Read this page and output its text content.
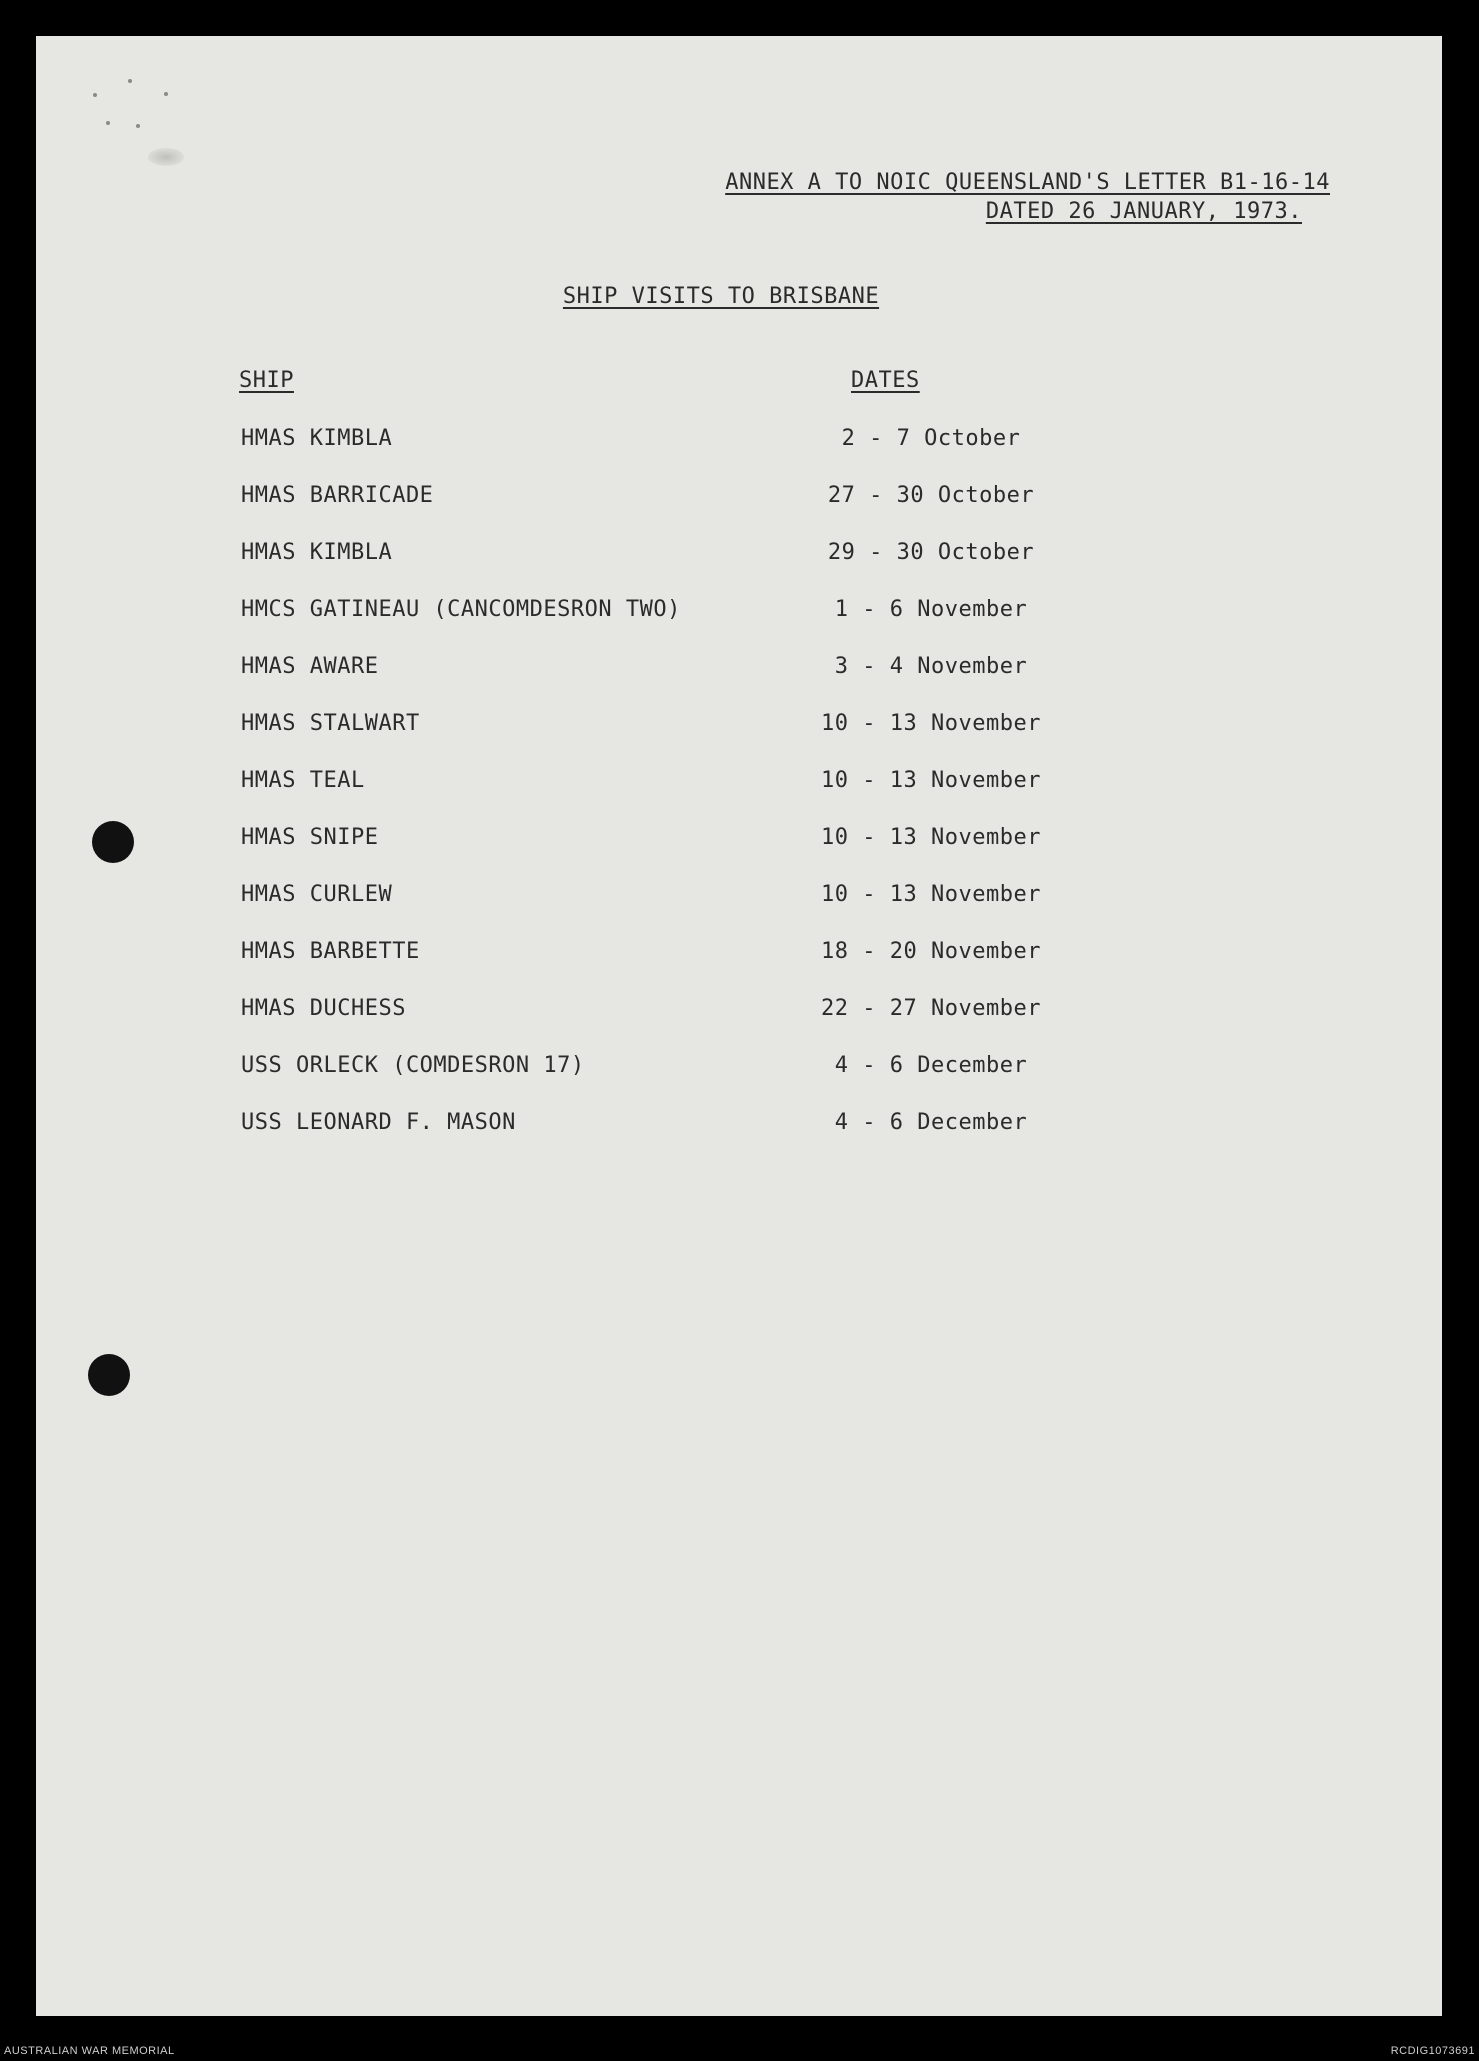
ANNEX A TO NOIC QUEENSLAND'S LETTER B1-16-14
DATED 26 JANUARY, 1973.
SHIP VISITS TO BRISBANE
SHIP	DATES
HMAS KIMBLA	2 - 7 October
HMAS BARRICADE	27 - 30 October
HMAS KIMBLA	29 - 30 October
HMCS GATINEAU (CANCOMDESRON TWO)	1 - 6 November
HMAS AWARE	3 - 4 November
HMAS STALWART	10 - 13 November
HMAS TEAL	10 - 13 November
HMAS SNIPE	10 - 13 November
HMAS CURLEW	10 - 13 November
HMAS BARBETTE	18 - 20 November
HMAS DUCHESS	22 - 27 November
USS ORLECK (COMDESRON 17)	4 - 6 December
USS LEONARD F. MASON	4 - 6 December
AUSTRALIAN WAR MEMORIAL	RCDIG1073691
